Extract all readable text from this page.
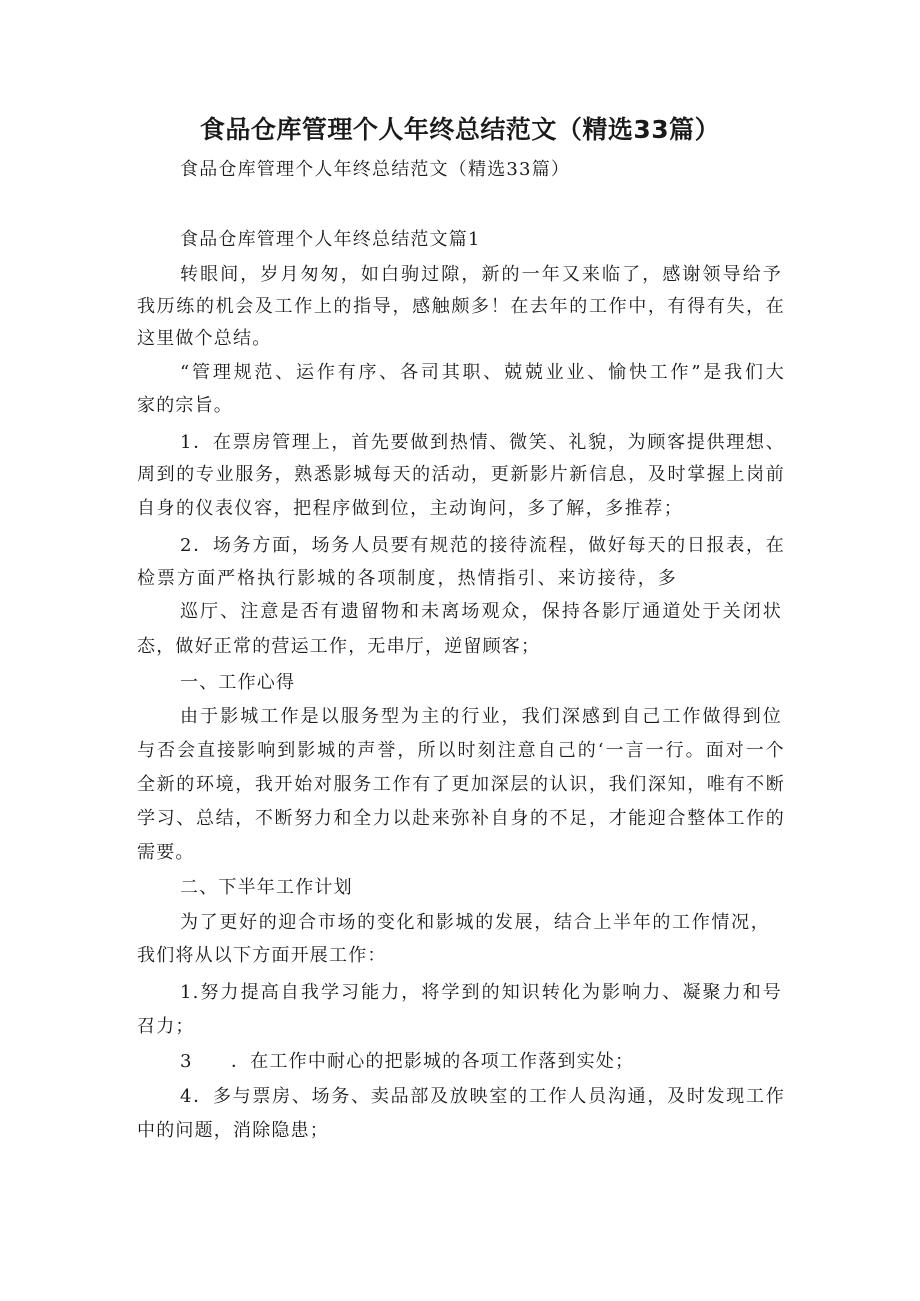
食品仓库管理个人年终总结范文（精选33篇）
食品仓库管理个人年终总结范文（精选33篇）
食品仓库管理个人年终总结范文篇1
转眼间，岁月匆匆，如白驹过隙，新的一年又来临了，感谢领导给予
我历练的机会及工作上的指导，感触颇多！在去年的工作中，有得有失，在
这里做个总结。
“管理规范、运作有序、各司其职、兢兢业业、愉快工作”是我们大
家的宗旨。
1．在票房管理上，首先要做到热情、微笑、礼貌，为顾客提供理想、
周到的专业服务，熟悉影城每天的活动，更新影片新信息，及时掌握上岗前
自身的仪表仪容，把程序做到位，主动询问，多了解，多推荐；
2．场务方面，场务人员要有规范的接待流程，做好每天的日报表，在
检票方面严格执行影城的各项制度，热情指引、来访接待，多
巡厅、注意是否有遗留物和未离场观众，保持各影厅通道处于关闭状
态，做好正常的营运工作，无串厅，逆留顾客；
一、工作心得
由于影城工作是以服务型为主的行业，我们深感到自己工作做得到位
与否会直接影响到影城的声誉，所以时刻注意自己的‘一言一行。面对一个
全新的环境，我开始对服务工作有了更加深层的认识，我们深知，唯有不断
学习、总结，不断努力和全力以赴来弥补自身的不足，才能迎合整体工作的
需要。
二、下半年工作计划
为了更好的迎合市场的变化和影城的发展，结合上半年的工作情况，
我们将从以下方面开展工作：
1.努力提高自我学习能力，将学到的知识转化为影响力、凝聚力和号
召力；
3　　．在工作中耐心的把影城的各项工作落到实处；
4．多与票房、场务、卖品部及放映室的工作人员沟通，及时发现工作
中的问题，消除隐患；
